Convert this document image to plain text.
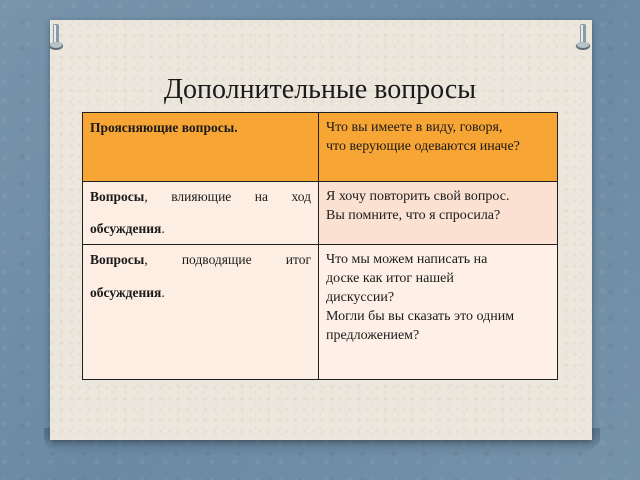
Дополнительные вопросы
Проясняющие вопросы.	Что вы имеете в виду, говоря,
что верующие одеваются иначе?

Вопросы, влияющие на ход
обсуждения.	Я хочу повторить свой вопрос.
Вы помните, что я спросила?

Вопросы, подводящие итог
обсуждения.	Что мы можем написать на
доске как итог нашей
дискуссии?
Могли бы вы сказать это одним
предложением?
